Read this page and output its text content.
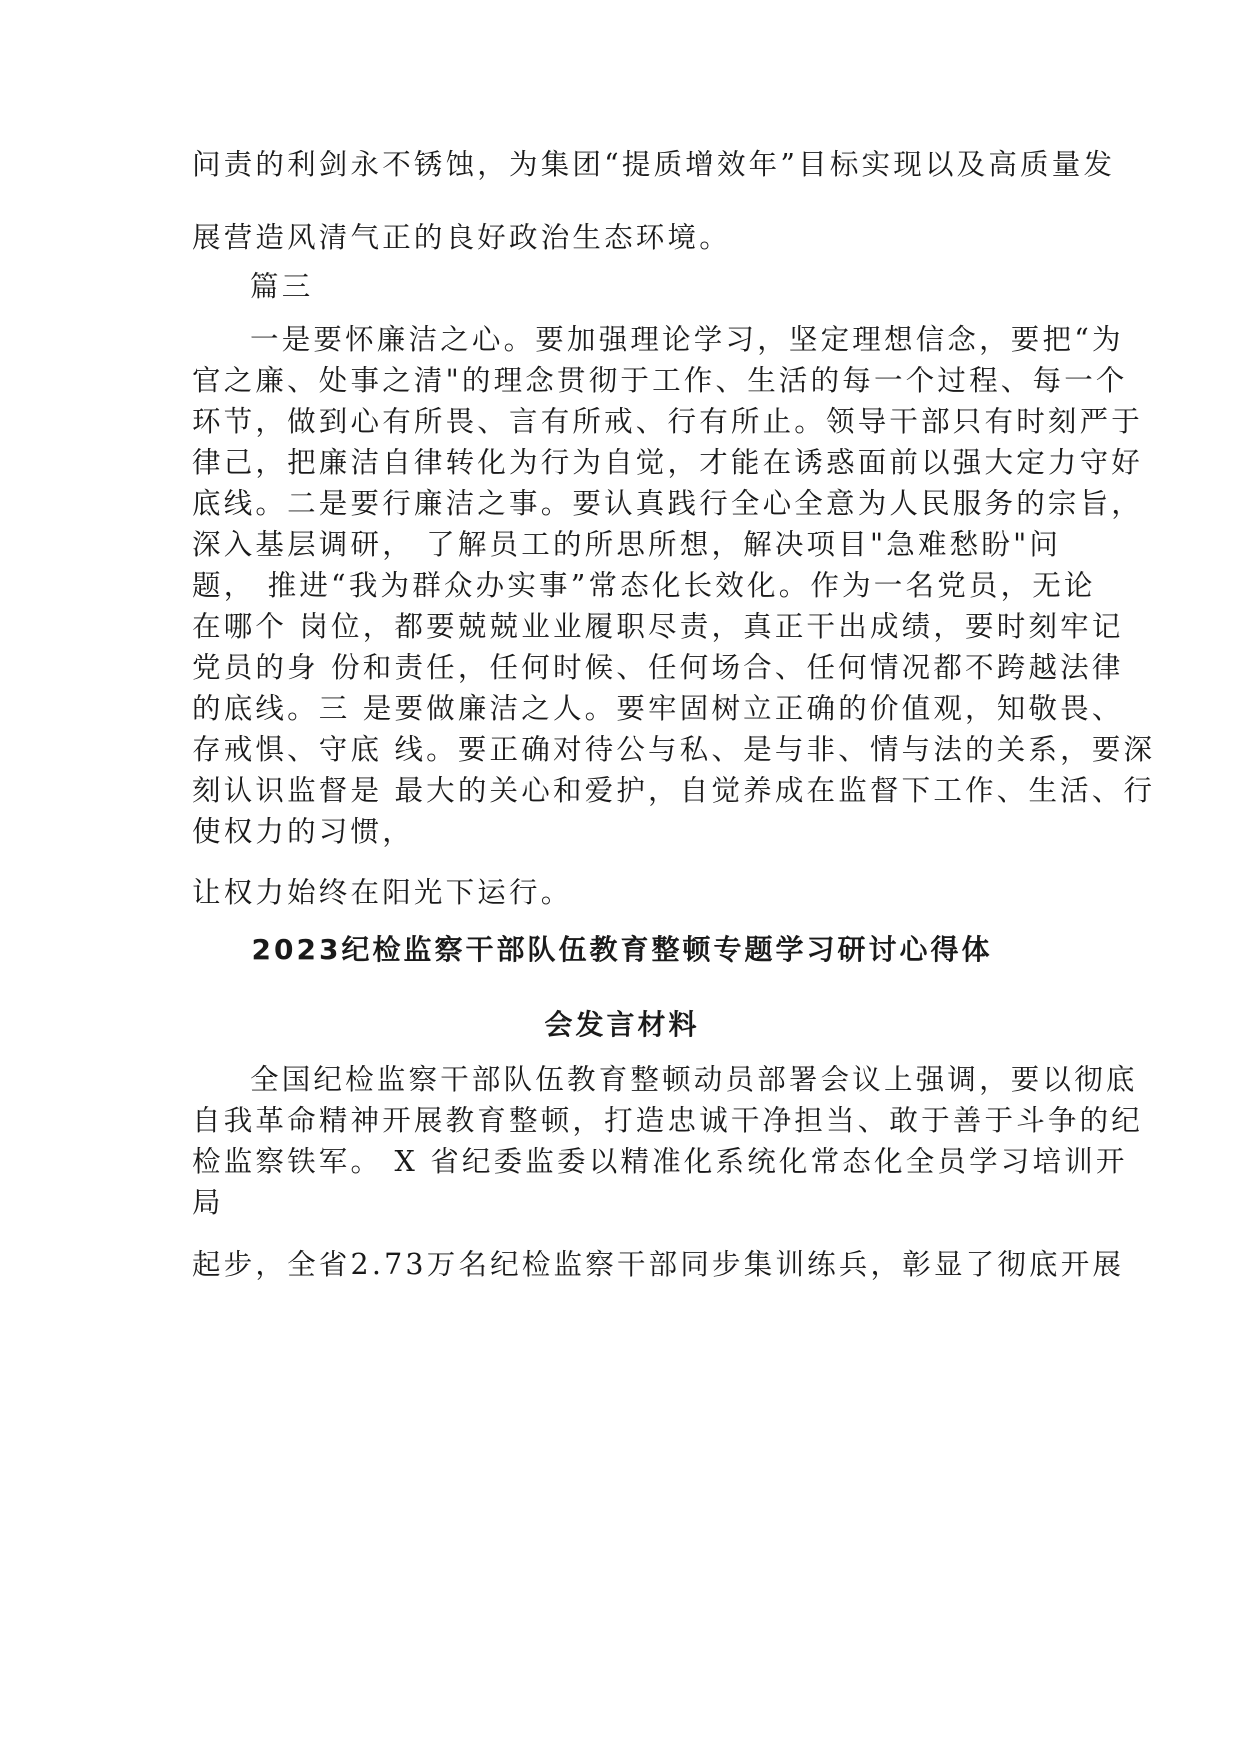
问责的利剑永不锈蚀，为集团“提质增效年”目标实现以及高质量发

展营造风清气正的良好政治生态环境。

篇三

一是要怀廉洁之心。要加强理论学习，坚定理想信念，要把“为

官之廉、处事之清"的理念贯彻于工作、生活的每一个过程、每一个

环节，做到心有所畏、言有所戒、行有所止。领导干部只有时刻严于

律己，把廉洁自律转化为行为自觉，才能在诱惑面前以强大定力守好

底线。二是要行廉洁之事。要认真践行全心全意为人民服务的宗旨，

深入基层调研， 了解员工的所思所想，解决项目"急难愁盼"问

题， 推进“我为群众办实事”常态化长效化。作为一名党员，无论

在哪个 岗位，都要兢兢业业履职尽责，真正干出成绩，要时刻牢记

党员的身 份和责任，任何时候、任何场合、任何情况都不跨越法律

的底线。三 是要做廉洁之人。要牢固树立正确的价值观，知敬畏、

存戒惧、守底 线。要正确对待公与私、是与非、情与法的关系，要深

刻认识监督是 最大的关心和爱护，自觉养成在监督下工作、生活、行

使权力的习惯，

让权力始终在阳光下运行。

2023纪检监察干部队伍教育整顿专题学习研讨心得体
会发言材料

全国纪检监察干部队伍教育整顿动员部署会议上强调，要以彻底

自我革命精神开展教育整顿，打造忠诚干净担当、敢于善于斗争的纪

检监察铁军。 X 省纪委监委以精准化系统化常态化全员学习培训开

局

起步，全省2.73万名纪检监察干部同步集训练兵，彰显了彻底开展
